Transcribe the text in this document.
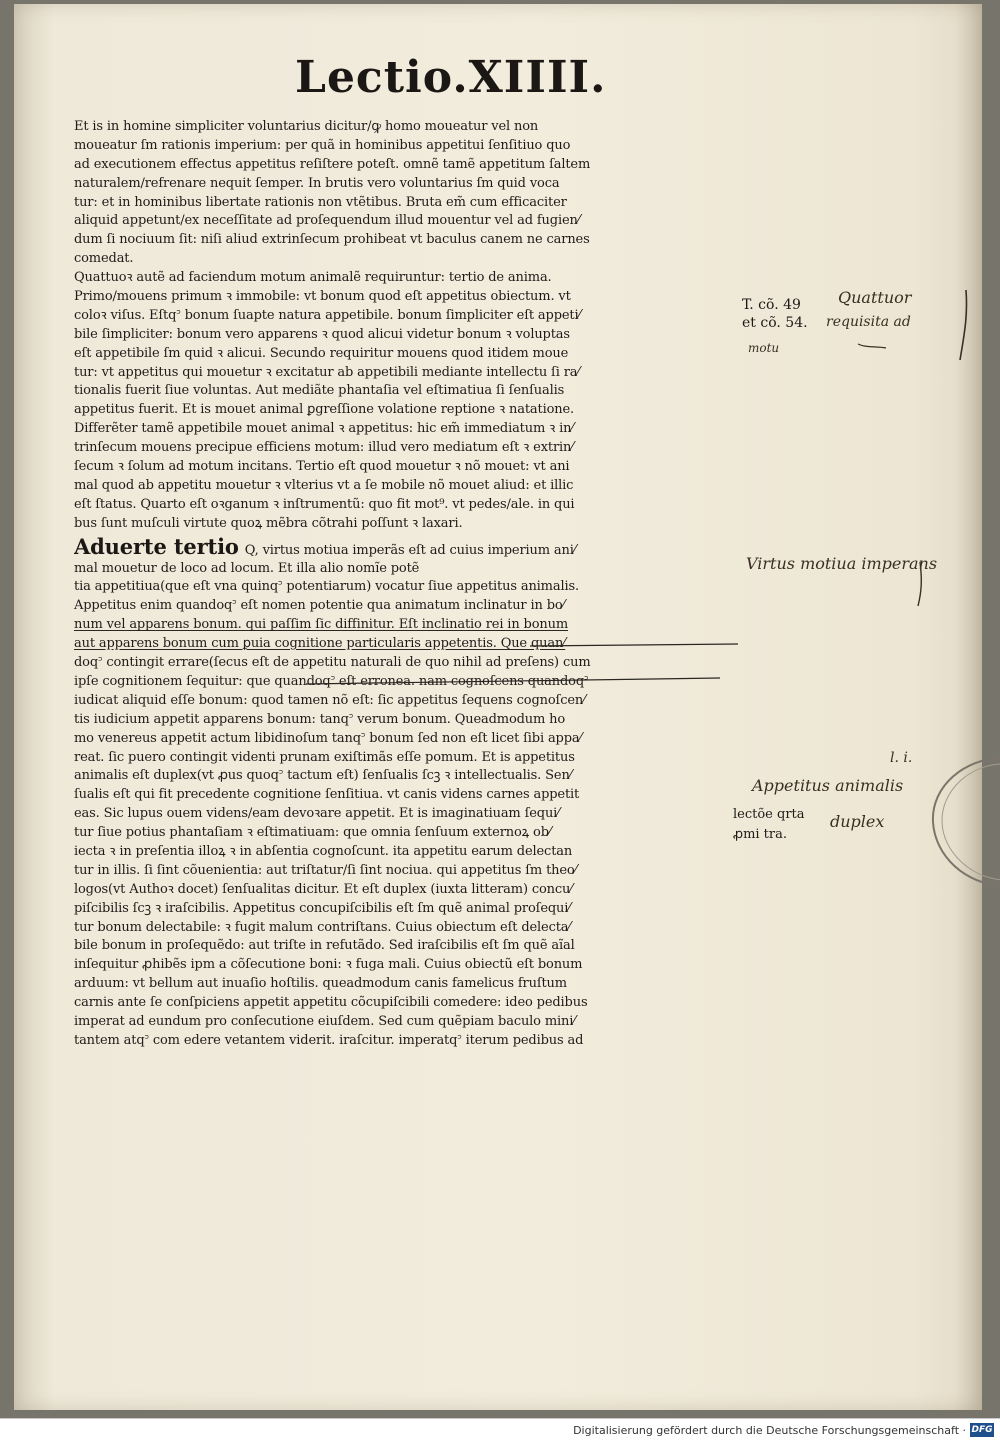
Lectio.XIIII.
Et is in homine simpliciter voluntarius dicitur/ꝙ homo moueatur vel non
moueatur ſm rationis imperium: per quã in hominibus appetitui ſenſitiuo quo
ad executionem effectus appetitus reſiſtere poteſt. omnẽ tamẽ appetitum ſaltem
naturalem/refrenare nequit ſemper. In brutis vero voluntarius ſm quid voca
tur: et in hominibus libertate rationis non vtẽtibus. Bruta em̃ cum efficaciter
aliquid appetunt/ex neceſſitate ad proſequendum illud mouentur vel ad fugien⁄
dum ſi nociuum ſit: niſi aliud extrinſecum prohibeat vt baculus canem ne carnes
comedat.
Quattuoꝛ autẽ ad faciendum motum animalẽ requiruntur: tertio de anima.
Primo/mouens primum ꝛ immobile: vt bonum quod eſt appetitus obiectum. vt
coloꝛ viſus. Eſtq꜄ bonum ſuapte natura appetibile. bonum ſimpliciter eſt appeti⁄
bile ſimpliciter: bonum vero apparens ꝛ quod alicui videtur bonum ꝛ voluptas
eſt appetibile ſm quid ꝛ alicui. Secundo requiritur mouens quod itidem moue
tur: vt appetitus qui mouetur ꝛ excitatur ab appetibili mediante intellectu ſi ra⁄
tionalis fuerit ſiue voluntas. Aut mediãte phantaſia vel eſtimatiua ſi ſenſualis
appetitus fuerit. Et is mouet animal ꝑgreſſione volatione reptione ꝛ natatione.
Differẽter tamẽ appetibile mouet animal ꝛ appetitus: hic em̃ immediatum ꝛ in⁄
trinſecum mouens precipue efficiens motum: illud vero mediatum eſt ꝛ extrin⁄
ſecum ꝛ ſolum ad motum incitans. Tertio eſt quod mouetur ꝛ nõ mouet: vt ani
mal quod ab appetitu mouetur ꝛ vlterius vt a ſe mobile nõ mouet aliud: et illic
eſt ſtatus. Quarto eſt oꝛganum ꝛ inſtrumentũ: quo fit mot⁹. vt pedes/ale. in qui
bus ſunt muſculi virtute quoꝝ mẽbra cõtrahi poſſunt ꝛ laxari.
Aduerte tertio Q, virtus motiua imperãs eſt ad cuius imperium ani⁄
mal mouetur de loco ad locum. Et illa alio nomĩe potẽ
tia appetitiua(que eſt vna quinq꜄ potentiarum) vocatur ſiue appetitus animalis.
Appetitus enim quandoq꜄ eſt nomen potentie qua animatum inclinatur in bo⁄
num vel apparens bonum. qui paſſim ſic diffinitur. Eſt inclinatio rei in bonum
aut apparens bonum cum ꝑuia cognitione particularis appetentis. Que quan⁄
doq꜄ contingit errare(ſecus eſt de appetitu naturali de quo nihil ad preſens) cum
ipſe cognitionem ſequitur: que quandoq꜄ eſt erronea. nam cognoſcens quandoq꜄
iudicat aliquid eſſe bonum: quod tamen nõ eſt: ſic appetitus ſequens cognoſcen⁄
tis iudicium appetit apparens bonum: tanq꜄ verum bonum. Queadmodum ho
mo venereus appetit actum libidinoſum tanq꜄ bonum ſed non eſt licet ſibi appa⁄
reat. ſic puero contingit videnti prunam exiſtimãs eſſe pomum. Et is appetitus
animalis eſt duplex(vt ꝓus quoq꜄ tactum eſt) ſenſualis ſcꝫ ꝛ intellectualis. Sen⁄
ſualis eſt qui fit precedente cognitione ſenſitiua. vt canis videns carnes appetit
eas. Sic lupus ouem videns/eam devoꝛare appetit. Et is imaginatiuam ſequi⁄
tur ſiue potius phantaſiam ꝛ eſtimatiuam: que omnia ſenſuum externoꝝ ob⁄
iecta ꝛ in preſentia illoꝝ ꝛ in abſentia cognoſcunt. ita appetitu earum delectan
tur in illis. ſi ſint cõuenientia: aut triſtatur/ſi ſint nociua. qui appetitus ſm theo⁄
logos(vt Authoꝛ docet) ſenſualitas dicitur. Et eſt duplex (iuxta litteram) concu⁄
piſcibilis ſcꝫ ꝛ iraſcibilis. Appetitus concupiſcibilis eſt ſm quẽ animal proſequi⁄
tur bonum delectabile: ꝛ fugit malum contriſtans. Cuius obiectum eſt delecta⁄
bile bonum in proſequẽdo: aut triſte in refutãdo. Sed iraſcibilis eſt ſm quẽ aĩal
inſequitur ꝓhibẽs ipm a cõſecutione boni: ꝛ fuga mali. Cuius obiectũ eſt bonum
arduum: vt bellum aut inuaſio hoſtilis. queadmodum canis famelicus fruſtum
carnis ante ſe conſpiciens appetit appetitu cõcupiſcibili comedere: ideo pedibus
imperat ad eundum pro conſecutione eiuſdem. Sed cum quẽpiam baculo mini⁄
tantem atq꜄ com edere vetantem viderit. iraſcitur. imperatq꜄ iterum pedibus ad
T. cõ. 49
et cõ. 54.
lectõe qrta
ꝓmi tra.
Quattuor
requisita ad
motu
Virtus motiua imperans
Appetitus animalis
duplex
l. i.
Digitalisierung gefördert durch die Deutsche Forschungsgemeinschaft · DFG
